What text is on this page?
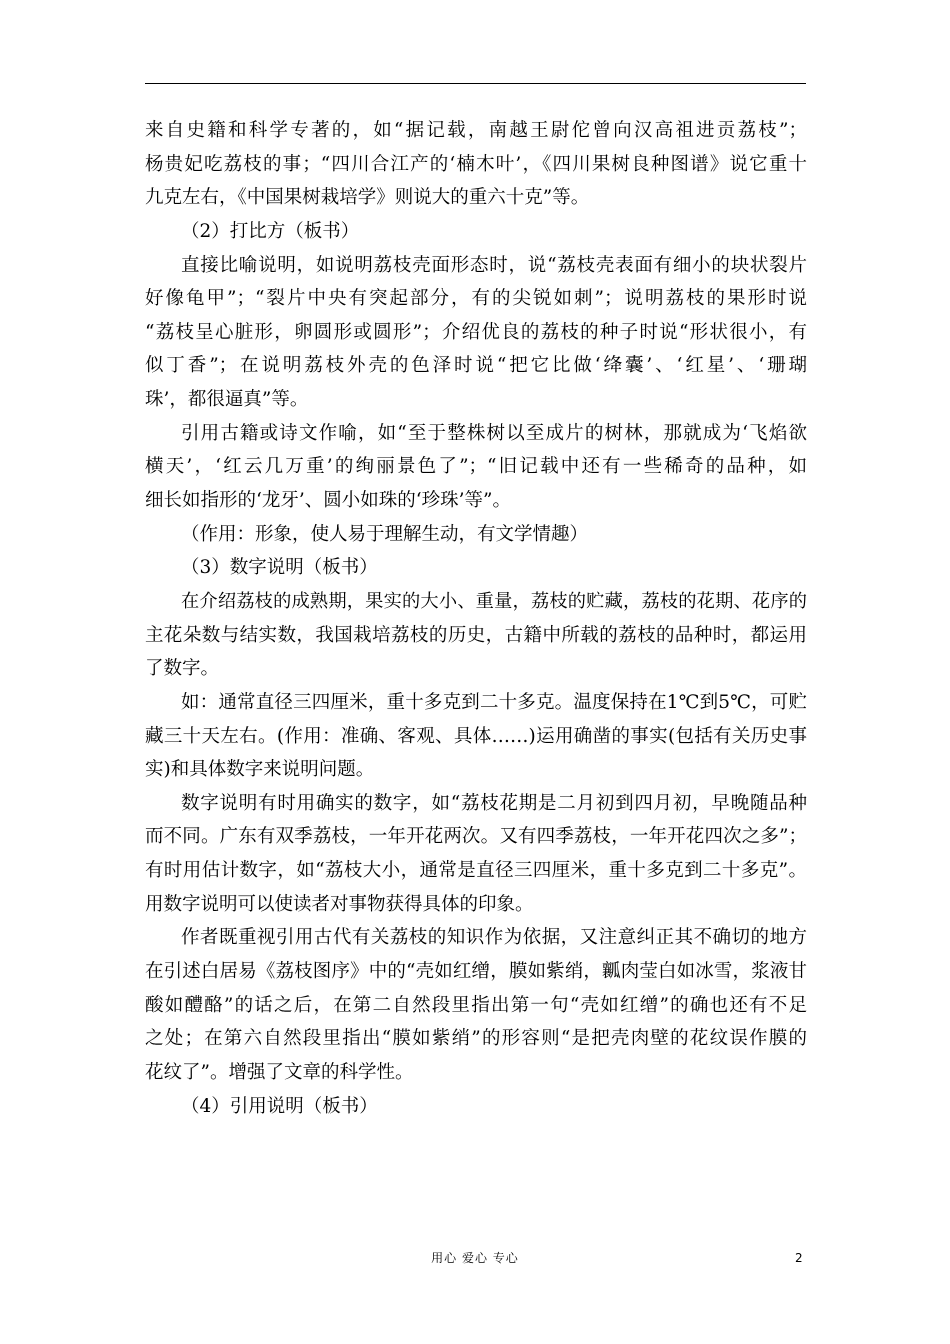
来自史籍和科学专著的，如“据记载，南越王尉佗曾向汉高祖进贡荔枝”；
杨贵妃吃荔枝的事；“四川合江产的‘楠木叶’，《四川果树良种图谱》说它重十
九克左右，《中国果树栽培学》则说大的重六十克”等。
（2）打比方（板书）
直接比喻说明，如说明荔枝壳面形态时，说“荔枝壳表面有细小的块状裂片
好像龟甲”；“裂片中央有突起部分，有的尖锐如刺”；说明荔枝的果形时说
“荔枝呈心脏形，卵圆形或圆形”；介绍优良的荔枝的种子时说“形状很小，有
似丁香”；在说明荔枝外壳的色泽时说“把它比做‘绛囊’、‘红星’、‘珊瑚
珠’，都很逼真”等。
引用古籍或诗文作喻，如“至于整株树以至成片的树林，那就成为‘飞焰欲
横天’，‘红云几万重’的绚丽景色了”；“旧记载中还有一些稀奇的品种，如
细长如指形的‘龙牙’、圆小如珠的‘珍珠’等”。
（作用：形象，使人易于理解生动，有文学情趣）
（3）数字说明（板书）
在介绍荔枝的成熟期，果实的大小、重量，荔枝的贮藏，荔枝的花期、花序的
主花朵数与结实数，我国栽培荔枝的历史，古籍中所载的荔枝的品种时，都运用
了数字。
如：通常直径三四厘米，重十多克到二十多克。温度保持在1℃到5℃，可贮
藏三十天左右。(作用：准确、客观、具体……)运用确凿的事实(包括有关历史事
实)和具体数字来说明问题。
数字说明有时用确实的数字，如“荔枝花期是二月初到四月初，早晚随品种
而不同。广东有双季荔枝，一年开花两次。又有四季荔枝，一年开花四次之多”；
有时用估计数字，如“荔枝大小，通常是直径三四厘米，重十多克到二十多克”。
用数字说明可以使读者对事物获得具体的印象。
作者既重视引用古代有关荔枝的知识作为依据，又注意纠正其不确切的地方
在引述白居易《荔枝图序》中的“壳如红缯，膜如紫绡，瓤肉莹白如冰雪，浆液甘
酸如醴酪”的话之后，在第二自然段里指出第一句“壳如红缯”的确也还有不足
之处；在第六自然段里指出“膜如紫绡”的形容则“是把壳肉壁的花纹误作膜的
花纹了”。增强了文章的科学性。
（4）引用说明（板书）
用心 爱心 专心	2
